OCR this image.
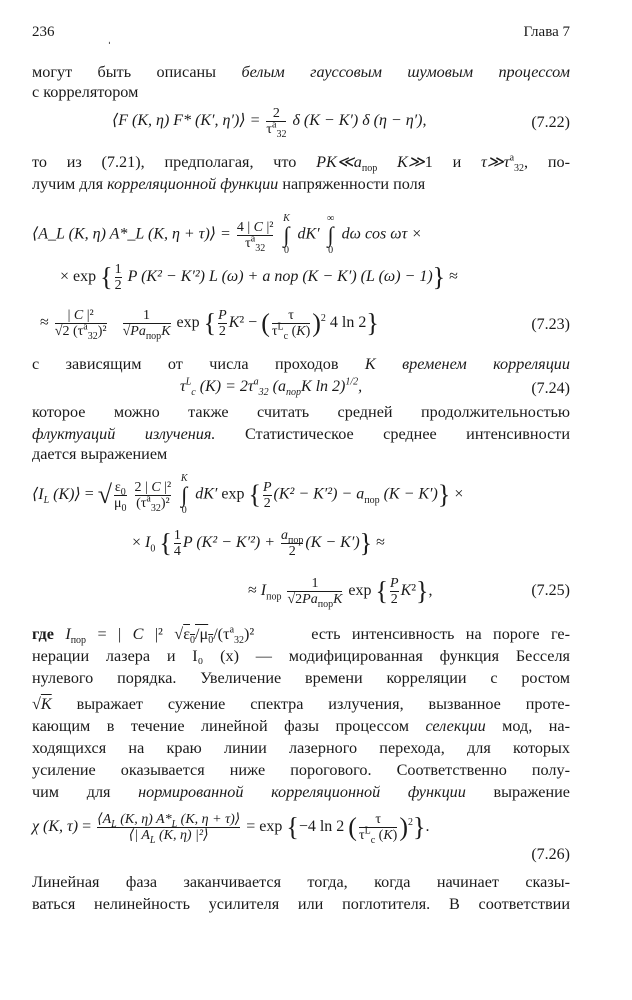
236	ˌ	Глава 7
могут быть описаны белым гауссовым шумовым процессом
с коррелятором
⟨F (K, η) F* (K′, η′)⟩ = $\frac{2}{\tau^a_{32}}$ δ (K − K′) δ (η − η′),	(7.22)
то из (7.21), предполагая, что $PK≪a_{пор}$ K≫1 и $\tau≫\tau^a_{32}$, по-
лучим для корреляционной функции напряженности поля
⟨A_L (K, η) A*_L (K, η + τ)⟩ = $\frac{\text{4 | C |²}}{\tau^a_{32}}$

K
∫
0
dK′
∞
∫
0
dω cos ωτ ×
× exp { $\frac{1}{2}$ P (K² − K′²) L (ω) + a пор (K − K′) (L (ω) − 1)} ≈
≈ $\frac{\text{| C |²}}{√2 (\tau^a_{32})^2}$
$\frac{1}{√Pa_{пор}K}$ exp { $\frac{P}{2} K^2$ − ( $\frac{\tau}{\tau^L_c (K)} )^2$ 4 ln 2}	(7.23)
с зависящим от числа проходов K временем корреляции
$\tau^L_c$ $(K) = 2\tau^a_{32}$ ($a_{пор}K$ ln 2)$^{1/2}$,	(7.24)
которое можно также считать средней продолжительностью
флуктуаций излучения. Статистическое среднее интенсивности
дается выражением
$⟨I_L$ (K)⟩ = √ $\frac{\varepsilon_0}{\mu_0}$
$\frac{\text{2 | C |²}}{(\tau^a_{32})^2}$

K
∫
0
dK′ exp { $\frac{P}{2} (K^2 - K'^2) - a_{пор}$ (K − K′)} ×
× $I_0$ { $\frac{1}{4}$ P $(K^2 - K'^2) + \frac{a_{пор}}{2} (K - K')$} ≈
≈ $I_{пор} \frac{1}{√2Pa_{пор}K}$ exp { $\frac{P}{2} K^2$},	(7.25)
где $I_{пор}$ = | C |² $√\varepsilon_0/\mu_0/(\tau^a_{32})^2$     есть интенсивность на пороге ге-
нерации лазера и I₀ (x) — модифицированная функция Бесселя
нулевого порядка. Увеличение времени корреляции с ростом
√K выражает сужение спектра излучения, вызванное проте-
кающим в течение линейной фазы процессом селекции мод, на-
ходящихся на краю линии лазерного перехода, для которых
усиление оказывается ниже порогового. Соответственно полу-
чим для нормированной корреляционной функции выражение
χ (K, $\tau) = \frac{⟨A_L (K, \eta) A*_L (K, \eta + \tau)⟩}{⟨| A_L (K, \eta) |^2⟩} = \exp \{-4$ ln 2 ( $\frac{\tau}{\tau^L_c (K)} )^2$}.
(7.26)
Линейная фаза заканчивается тогда, когда начинает сказы-
ваться нелинейность усилителя или поглотителя. В соответствии
